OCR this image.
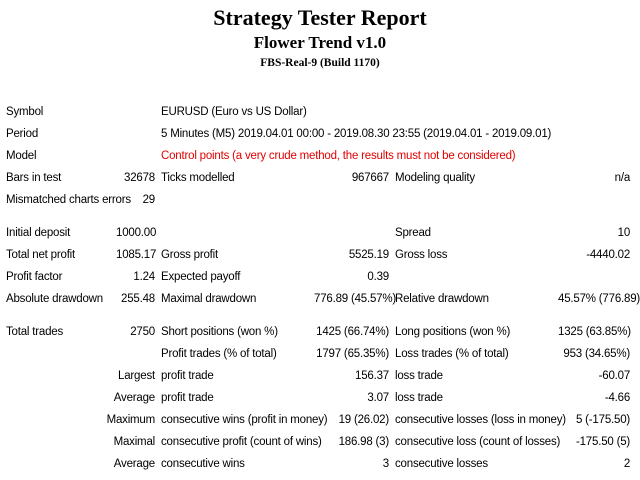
Strategy Tester Report
Flower Trend v1.0
FBS-Real-9 (Build 1170)
Symbol		EURUSD (Euro vs US Dollar)			
Period		5 Minutes (M5) 2019.04.01 00:00 - 2019.08.30 23:55 (2019.04.01 - 2019.09.01)			
Model		Control points (a very crude method, the results must not be considered)			
Bars in test	32678	Ticks modelled	967667	Modeling quality	n/a
Mismatched charts errors	29				

Initial deposit	1000.00			Spread	10
Total net profit	1085.17	Gross profit	5525.19	Gross loss	-4440.02
Profit factor	1.24	Expected payoff	0.39		
Absolute drawdown	255.48	Maximal drawdown	776.89 (45.57%)	Relative drawdown	45.57% (776.89)

Total trades	2750	Short positions (won %)	1425 (66.74%)	Long positions (won %)	1325 (63.85%)
		Profit trades (% of total)	1797 (65.35%)	Loss trades (% of total)	953 (34.65%)
Largest		profit trade	156.37	loss trade	-60.07
Average		profit trade	3.07	loss trade	-4.66
Maximum		consecutive wins (profit in money)	19 (26.02)	consecutive losses (loss in money)	5 (-175.50)
Maximal		consecutive profit (count of wins)	186.98 (3)	consecutive loss (count of losses)	-175.50 (5)
Average		consecutive wins	3	consecutive losses	2
